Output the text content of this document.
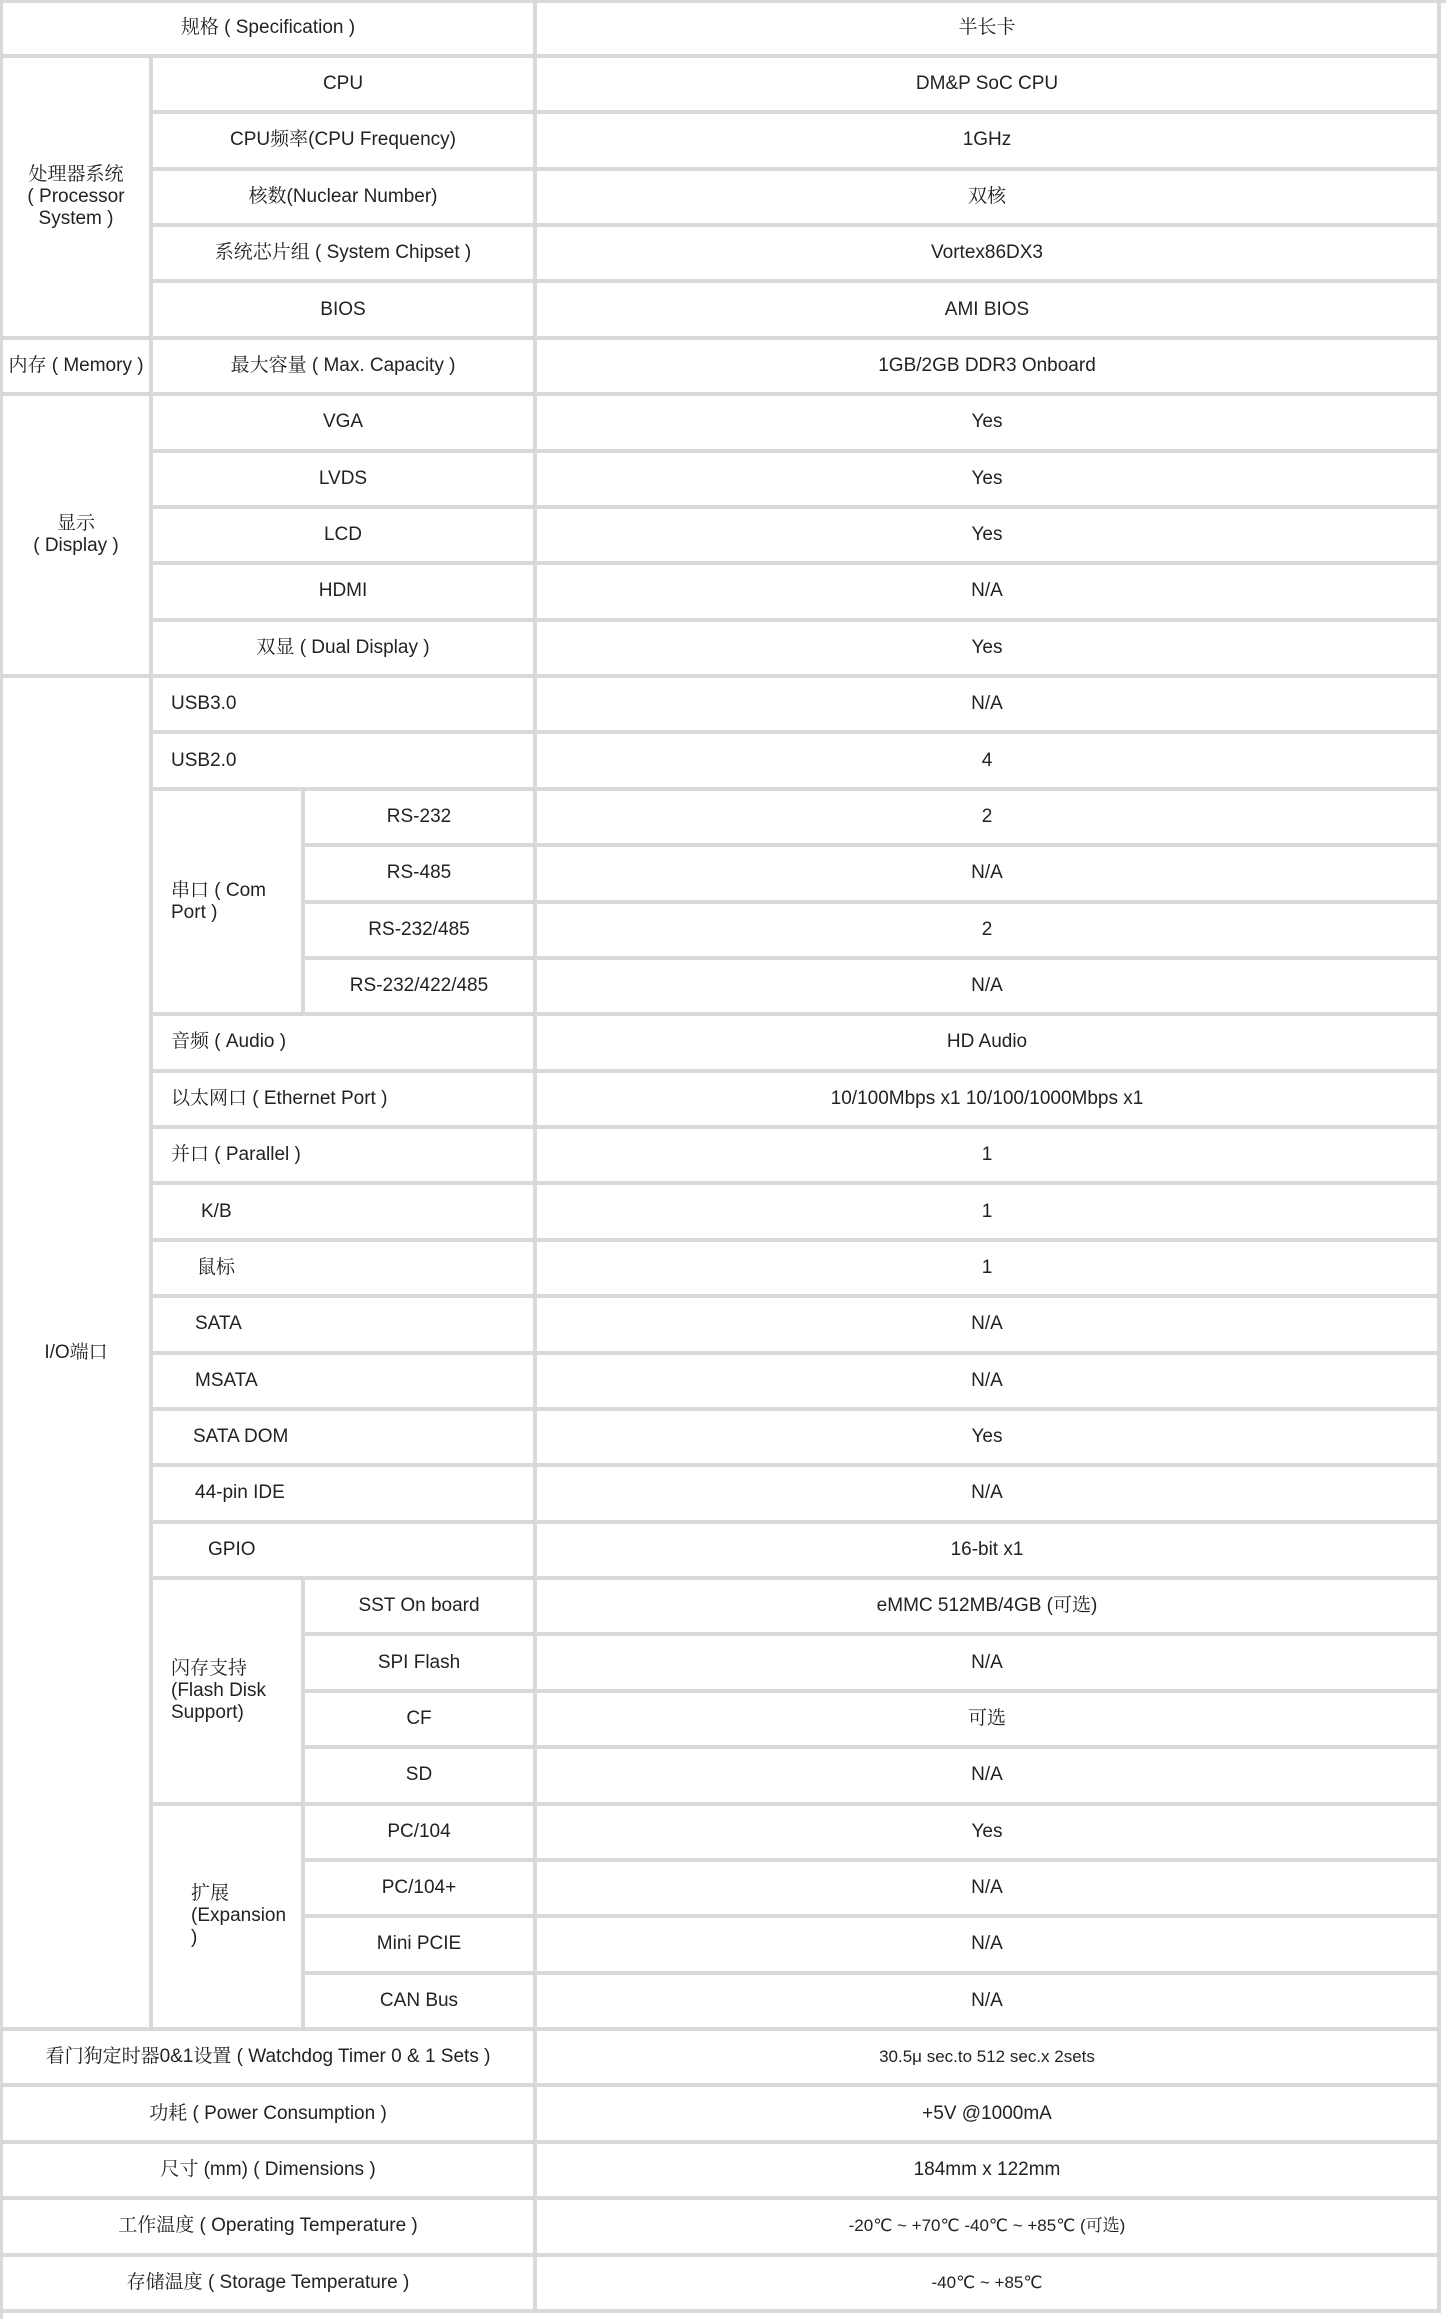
规格 ( Specification )			半长卡

处理器系统
( Processor
System )	CPU		DM&P SoC CPU
	CPU频率(CPU Frequency)		1GHz
	核数(Nuclear Number)		双核
	系统芯片组 ( System Chipset )		Vortex86DX3
	BIOS		AMI BIOS
内存 ( Memory )	最大容量 ( Max. Capacity )		1GB/2GB DDR3 Onboard

显示
( Display )	VGA		Yes
	LVDS		Yes
	LCD		Yes
	HDMI		N/A
	双显 ( Dual Display )		Yes
I/O端口	USB3.0		N/A
	USB2.0		4
	串口 ( Com Port )	RS-232	2
		RS-485	N/A
		RS-232/485	2
		RS-232/422/485	N/A
	音频 ( Audio )		HD Audio
	以太网口 ( Ethernet Port )		10/100Mbps x1 10/100/1000Mbps x1
	并口 ( Parallel )		1
	K/B		1
	鼠标		1
	SATA		N/A
	MSATA		N/A
	SATA DOM		Yes
	44-pin IDE		N/A
	GPIO		16-bit x1

	闪存支持
(Flash Disk Support)	SST On board	eMMC 512MB/4GB (可选)
		SPI Flash	N/A
		CF	可选
		SD	N/A

	扩展
(Expansion )	PC/104	Yes
		PC/104+	N/A
		Mini PCIE	N/A
		CAN Bus	N/A
看门狗定时器0&1设置 ( Watchdog Timer 0 & 1 Sets )			30.5μ sec.to 512 sec.x 2sets
功耗 ( Power Consumption )			+5V @1000mA
尺寸 (mm) ( Dimensions )			184mm x 122mm
工作温度 ( Operating Temperature )			-20℃ ~ +70℃ -40℃ ~ +85℃ (可选)
存储温度 ( Storage Temperature )			-40℃ ~ +85℃
